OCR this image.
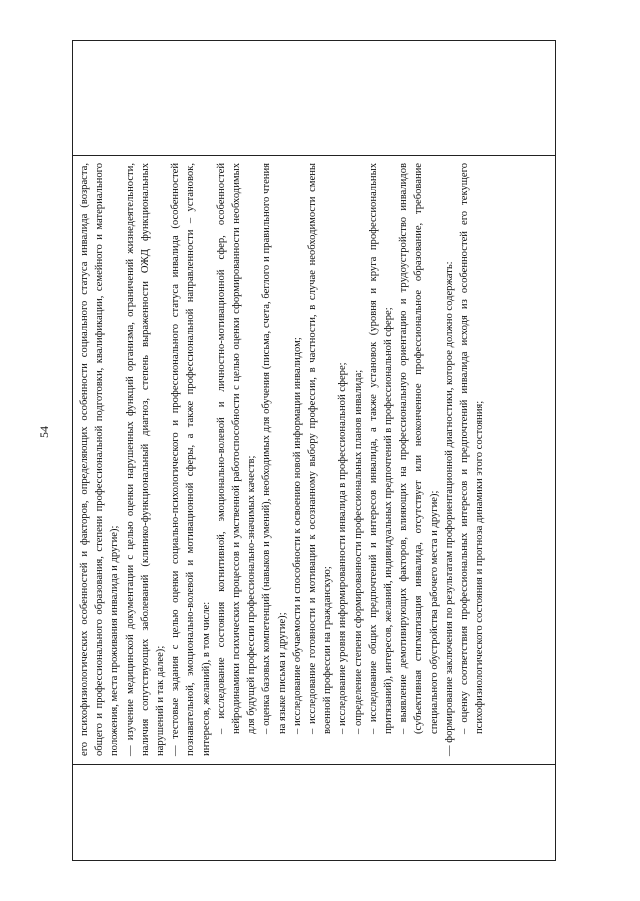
54	его психофизиологических особенностей и факторов, определяющих особенности социального статуса инвалида (возраста, общего и профессионального образования, степени профессиональной подготовки, квалификации, семейного и материального положения, места проживания инвалида и другие); — изучение медицинской документации с целью оценки нарушенных функций организма, ограничений жизнедеятельности, наличия сопутствующих заболеваний (клинико-функциональный диагноз, степень выраженности ОЖД функциональных нарушений и так далее); — тестовые задания с целью оценки социально-психологического и профессионального статуса инвалида (особенностей познавательной, эмоционально-волевой и мотивационной сферы, а также профессиональной направленности – установок, интересов, желаний), в том числе: – исследование состояния когнитивной, эмоционально-волевой и личностно-мотивационной сфер, особенностей нейродинамики психических процессов и умственной работоспособности с целью оценки сформированности необходимых для будущей профессии профессионально-значимых качеств; – оценка базовых компетенций (навыков и умений), необходимых для обучения (письма, счета, беглого и правильного чтения на языке письма и другие); – исследование обучаемости и способности к освоению новой информации инвалидом; – исследование готовности и мотивации к осознанному выбору профессии, в частности, в случае необходимости смены военной профессии на гражданскую; – исследование уровня информированности инвалида в профессиональной сфере; – определение степени сформированности профессиональных планов инвалида; – исследование общих предпочтений и интересов инвалида, а также установок (уровня и круга профессиональных притязаний), интересов, желаний, индивидуальных предпочтений в профессиональной сфере; – выявление демотивирующих факторов, влияющих на профессиональную ориентацию и трудоустройство инвалидов (субъективная стигматизация инвалида, отсутствует или неоконченное профессиональное образование, требование специального обустройства рабочего места и другие); — формирование заключения по результатам профориентационной диагностики, которое должно содержать: – оценку соответствия профессиональных интересов и предпочтений инвалида исходя из особенностей его текущего психофизиологического состояния и прогноза динамики этого состояния;
